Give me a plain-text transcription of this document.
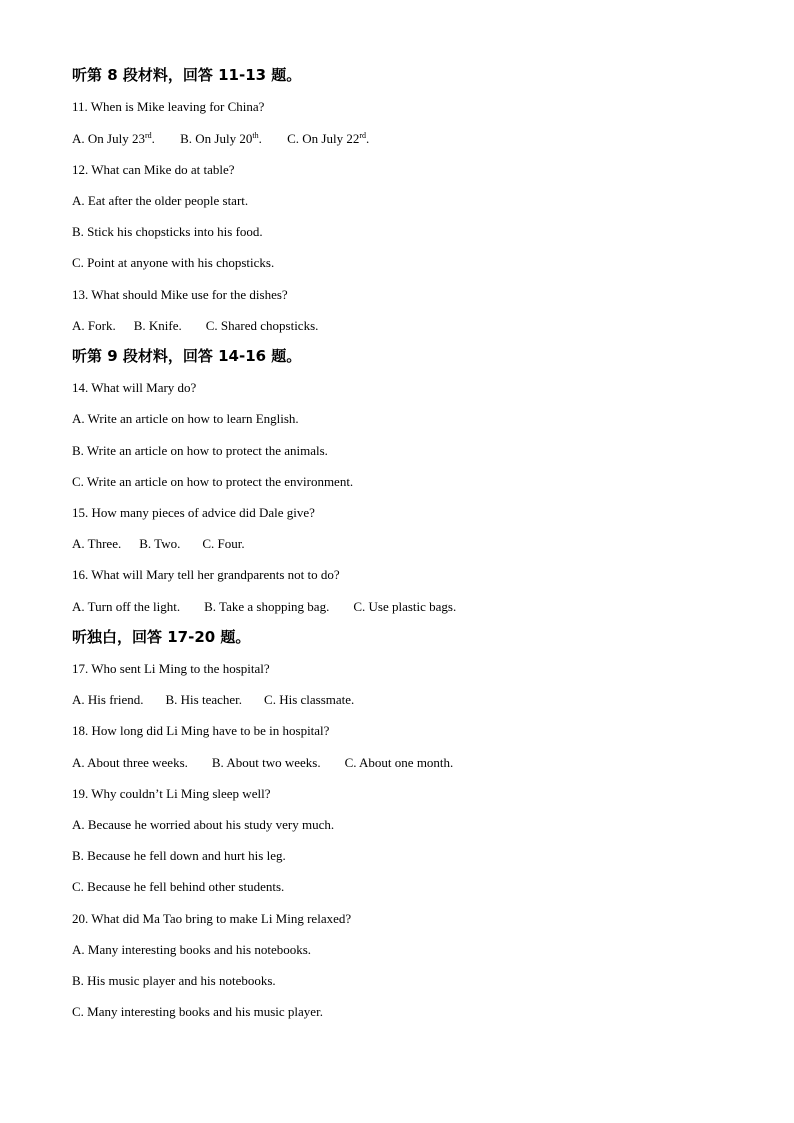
听第 8 段材料，回答 11-13 题。
11. When is Mike leaving for China?
A. On July 23rd. B. On July 20th. C. On July 22rd.
12. What can Mike do at table?
A. Eat after the older people start.
B. Stick his chopsticks into his food.
C. Point at anyone with his chopsticks.
13. What should Mike use for the dishes?
A. Fork. B. Knife. C. Shared chopsticks.
听第 9 段材料，回答 14-16 题。
14. What will Mary do?
A. Write an article on how to learn English.
B. Write an article on how to protect the animals.
C. Write an article on how to protect the environment.
15. How many pieces of advice did Dale give?
A. Three. B. Two. C. Four.
16. What will Mary tell her grandparents not to do?
A. Turn off the light. B. Take a shopping bag. C. Use plastic bags.
听独白，回答 17-20 题。
17. Who sent Li Ming to the hospital?
A. His friend. B. His teacher. C. His classmate.
18. How long did Li Ming have to be in hospital?
A. About three weeks. B. About two weeks. C. About one month.
19. Why couldn’t Li Ming sleep well?
A. Because he worried about his study very much.
B. Because he fell down and hurt his leg.
C. Because he fell behind other students.
20. What did Ma Tao bring to make Li Ming relaxed?
A. Many interesting books and his notebooks.
B. His music player and his notebooks.
C. Many interesting books and his music player.
